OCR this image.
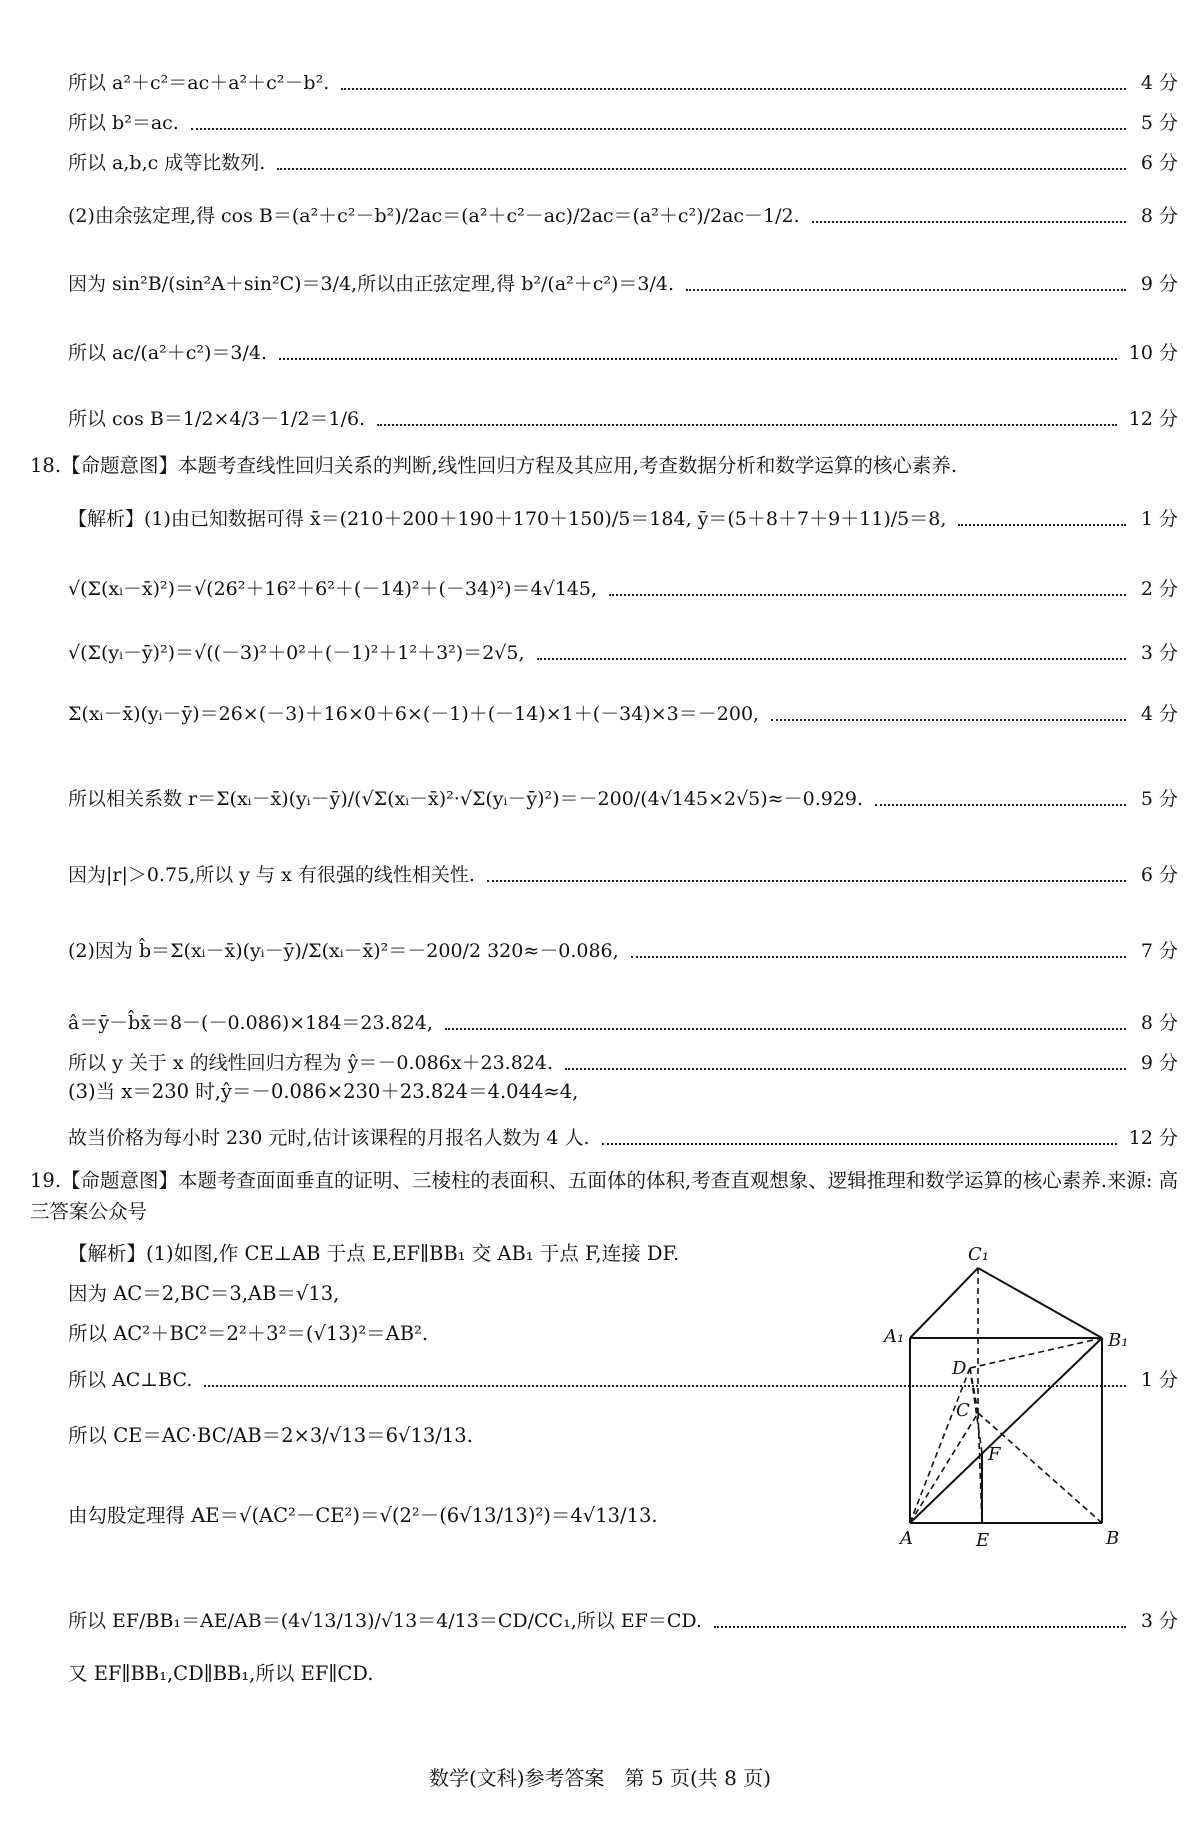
所以 a²＋c²＝ac＋a²＋c²－b².	4 分
所以 b²＝ac.	5 分
所以 a,b,c 成等比数列.	6 分
(2)由余弦定理,得 cos B＝(a²＋c²－b²)/2ac＝(a²＋c²－ac)/2ac＝(a²＋c²)/2ac－1/2.	8 分
因为 sin²B/(sin²A＋sin²C)＝3/4,所以由正弦定理,得 b²/(a²＋c²)＝3/4.	9 分
所以 ac/(a²＋c²)＝3/4.	10 分
所以 cos B＝1/2×4/3－1/2＝1/6.	12 分
【解析】(1)由已知数据可得 x̄＝(210＋200＋190＋170＋150)/5＝184, ȳ＝(5＋8＋7＋9＋11)/5＝8,	1 分
√(Σ(xᵢ－x̄)²)＝√(26²＋16²＋6²＋(－14)²＋(－34)²)＝4√145,	2 分
√(Σ(yᵢ－ȳ)²)＝√((－3)²＋0²＋(－1)²＋1²＋3²)＝2√5,	3 分
Σ(xᵢ－x̄)(yᵢ－ȳ)＝26×(－3)＋16×0＋6×(－1)＋(－14)×1＋(－34)×3＝－200,	4 分
所以相关系数 r＝Σ(xᵢ－x̄)(yᵢ－ȳ)/(√Σ(xᵢ－x̄)²·√Σ(yᵢ－ȳ)²)＝－200/(4√145×2√5)≈－0.929.	5 分
因为|r|＞0.75,所以 y 与 x 有很强的线性相关性.	6 分
(2)因为 b̂＝Σ(xᵢ－x̄)(yᵢ－ȳ)/Σ(xᵢ－x̄)²＝－200/2 320≈－0.086,	7 分
â＝ȳ－b̂x̄＝8－(－0.086)×184＝23.824,	8 分
所以 y 关于 x 的线性回归方程为 ŷ＝－0.086x＋23.824.	9 分
故当价格为每小时 230 元时,估计该课程的月报名人数为 4 人.	12 分
所以 AC⊥BC.	1 分
所以 EF/BB₁＝AE/AB＝(4√13/13)/√13＝4/13＝CD/CC₁,所以 EF＝CD.	3 分
18.【命题意图】本题考查线性回归关系的判断,线性回归方程及其应用,考查数据分析和数学运算的核心素养.
(3)当 x＝230 时,ŷ＝－0.086×230＋23.824＝4.044≈4,
19.【命题意图】本题考查面面垂直的证明、三棱柱的表面积、五面体的体积,考查直观想象、逻辑推理和数学运算的核心素养.来源: 高三答案公众号
【解析】(1)如图,作 CE⊥AB 于点 E,EF∥BB₁ 交 AB₁ 于点 F,连接 DF.
因为 AC＝2,BC＝3,AB＝√13,
所以 AC²＋BC²＝2²＋3²＝(√13)²＝AB².
所以 CE＝AC·BC/AB＝2×3/√13＝6√13/13.
由勾股定理得 AE＝√(AC²－CE²)＝√(2²－(6√13/13)²)＝4√13/13.
又 EF∥BB₁,CD∥BB₁,所以 EF∥CD.
C₁
A₁	B₁
D
C
F
A	E	B
数学(文科)参考答案　第 5 页(共 8 页)
